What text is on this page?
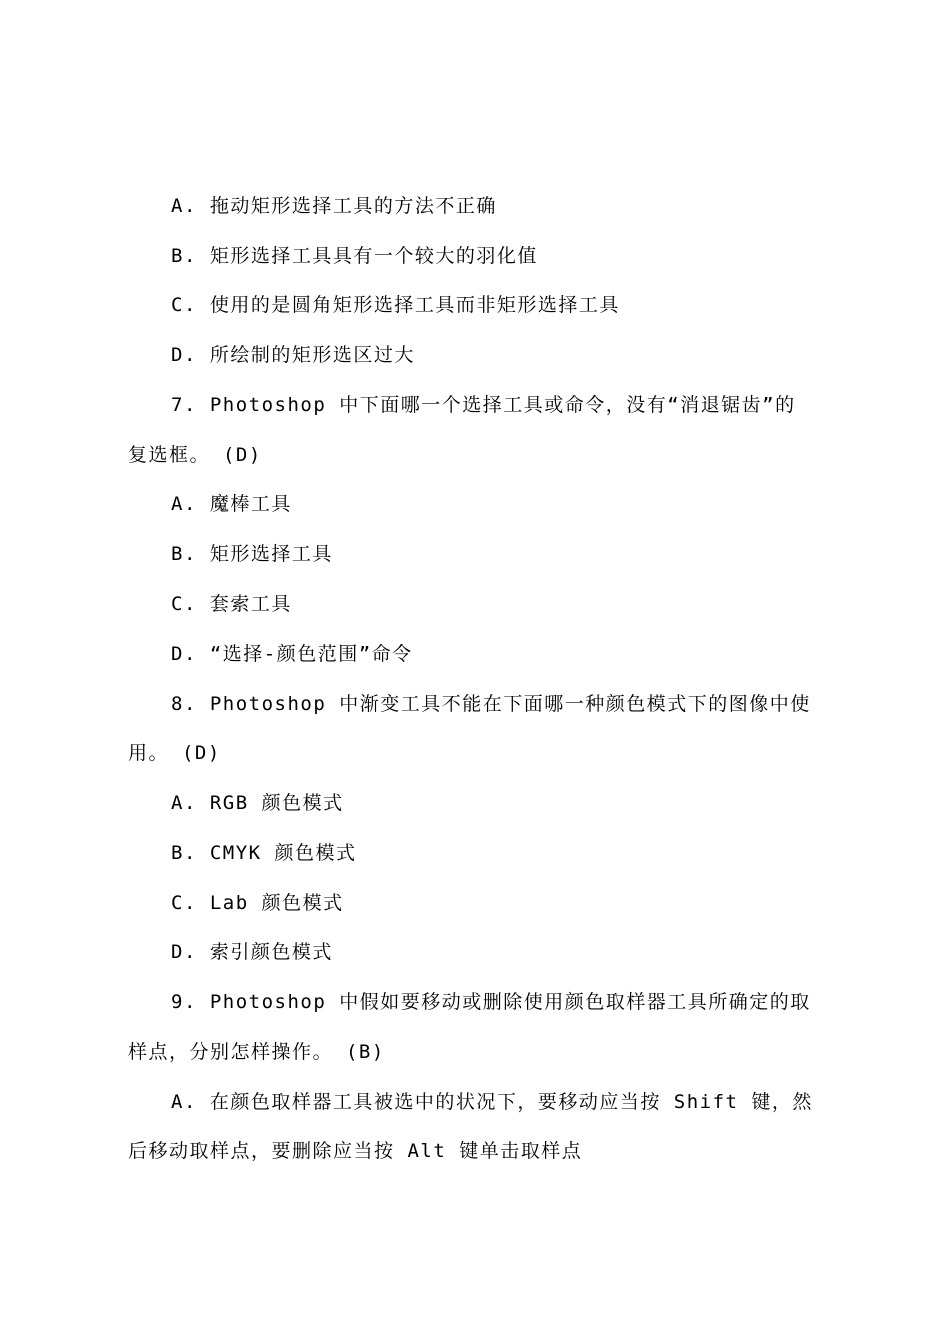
A. 拖动矩形选择工具的方法不正确
B. 矩形选择工具具有一个较大的羽化值
C. 使用的是圆角矩形选择工具而非矩形选择工具
D. 所绘制的矩形选区过大
7. Photoshop 中下面哪一个选择工具或命令，没有“消退锯齿”的
复选框。 (D)
A. 魔棒工具
B. 矩形选择工具
C. 套索工具
D. “选择-颜色范围”命令
8. Photoshop 中渐变工具不能在下面哪一种颜色模式下的图像中使
用。 (D)
A. RGB 颜色模式
B. CMYK 颜色模式
C. Lab 颜色模式
D. 索引颜色模式
9. Photoshop 中假如要移动或删除使用颜色取样器工具所确定的取
样点，分别怎样操作。 (B)
A. 在颜色取样器工具被选中的状况下，要移动应当按 Shift 键，然
后移动取样点，要删除应当按 Alt 键单击取样点
